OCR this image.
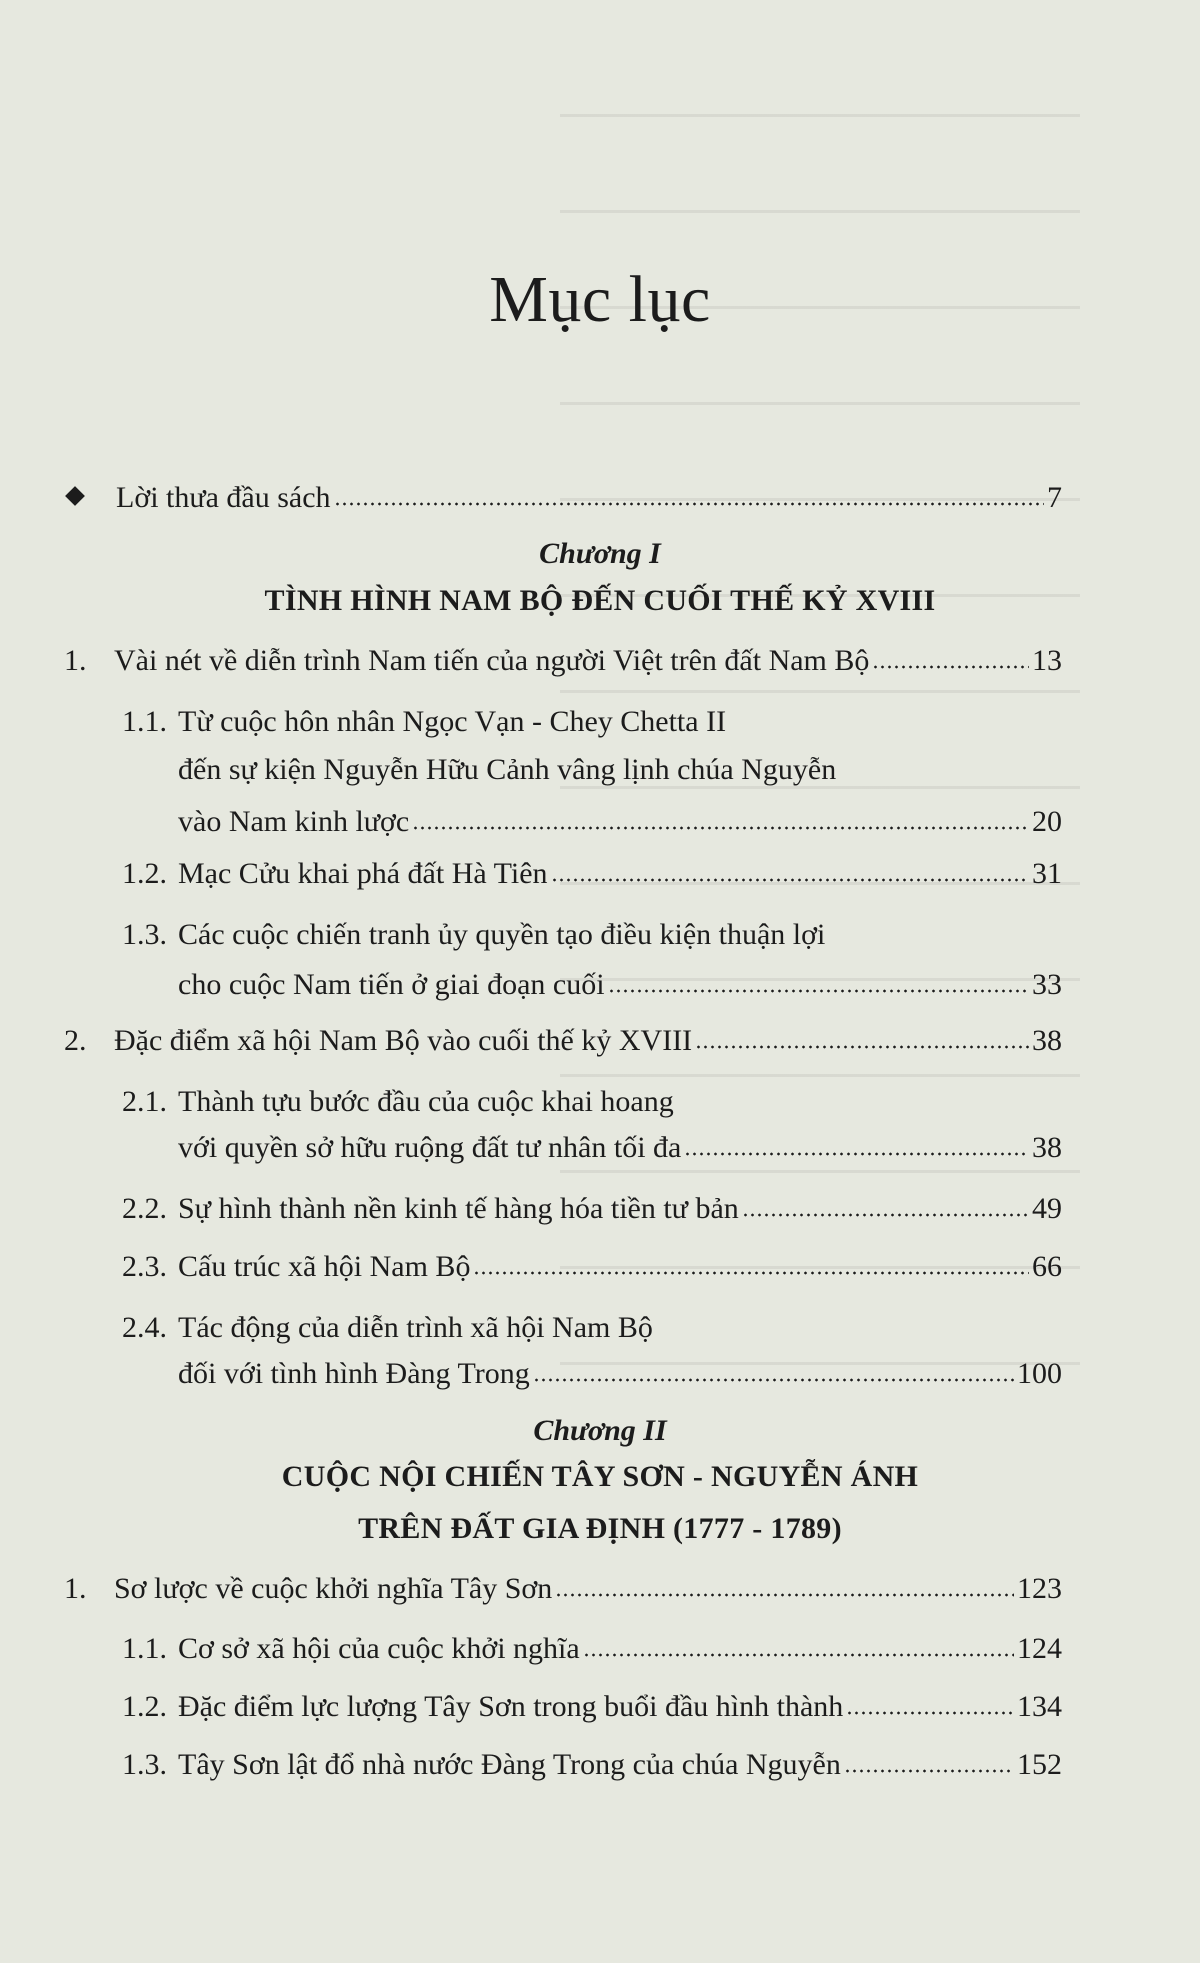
Mục lục
Lời thưa đầu sách	7
Chương I
TÌNH HÌNH NAM BỘ ĐẾN CUỐI THẾ KỶ XVIII
1. Vài nét về diễn trình Nam tiến của người Việt trên đất Nam Bộ	13
1.1. Từ cuộc hôn nhân Ngọc Vạn - Chey Chetta II
đến sự kiện Nguyễn Hữu Cảnh vâng lịnh chúa Nguyễn
vào Nam kinh lược	20
1.2. Mạc Cửu khai phá đất Hà Tiên	31
1.3. Các cuộc chiến tranh ủy quyền tạo điều kiện thuận lợi
cho cuộc Nam tiến ở giai đoạn cuối	33
2. Đặc điểm xã hội Nam Bộ vào cuối thế kỷ XVIII	38
2.1. Thành tựu bước đầu của cuộc khai hoang
với quyền sở hữu ruộng đất tư nhân tối đa	38
2.2. Sự hình thành nền kinh tế hàng hóa tiền tư bản	49
2.3. Cấu trúc xã hội Nam Bộ	66
2.4. Tác động của diễn trình xã hội Nam Bộ
đối với tình hình Đàng Trong	100
Chương II
CUỘC NỘI CHIẾN TÂY SƠN - NGUYỄN ÁNH
TRÊN ĐẤT GIA ĐỊNH (1777 - 1789)
1. Sơ lược về cuộc khởi nghĩa Tây Sơn	123
1.1. Cơ sở xã hội của cuộc khởi nghĩa	124
1.2. Đặc điểm lực lượng Tây Sơn trong buổi đầu hình thành	134
1.3. Tây Sơn lật đổ nhà nước Đàng Trong của chúa Nguyễn	152
